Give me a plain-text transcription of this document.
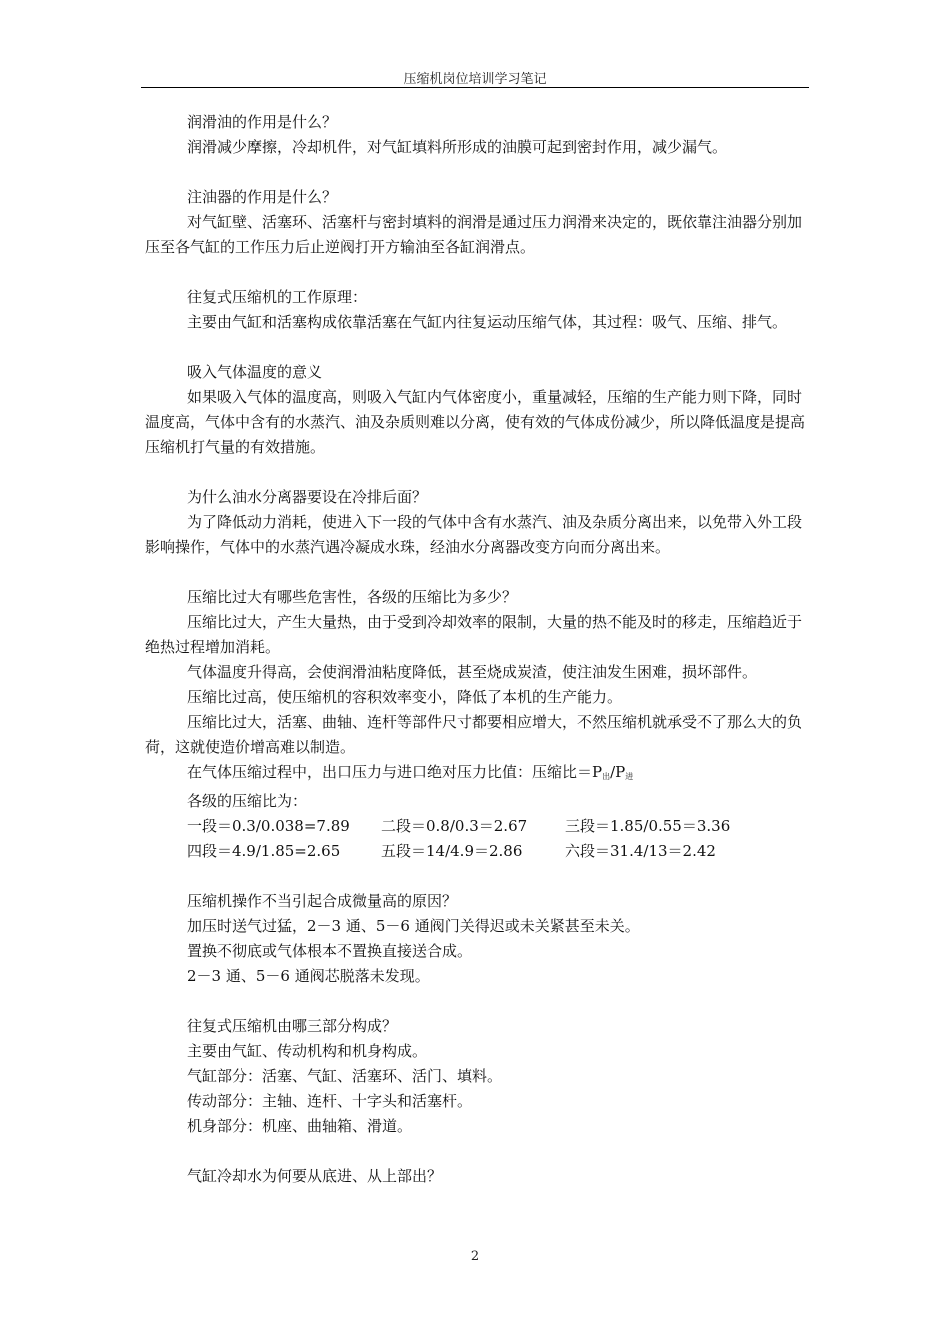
压缩机岗位培训学习笔记

润滑油的作用是什么？

润滑减少摩擦，冷却机件，对气缸填料所形成的油膜可起到密封作用，减少漏气。

注油器的作用是什么？

对气缸壁、活塞环、活塞杆与密封填料的润滑是通过压力润滑来决定的，既依靠注油器分别加压至各气缸的工作压力后止逆阀打开方输油至各缸润滑点。

往复式压缩机的工作原理：

主要由气缸和活塞构成依靠活塞在气缸内往复运动压缩气体，其过程：吸气、压缩、排气。

吸入气体温度的意义

如果吸入气体的温度高，则吸入气缸内气体密度小，重量减轻，压缩的生产能力则下降，同时温度高，气体中含有的水蒸汽、油及杂质则难以分离，使有效的气体成份减少，所以降低温度是提高压缩机打气量的有效措施。

为什么油水分离器要设在冷排后面？

为了降低动力消耗，使进入下一段的气体中含有水蒸汽、油及杂质分离出来，以免带入外工段影响操作，气体中的水蒸汽遇冷凝成水珠，经油水分离器改变方向而分离出来。

压缩比过大有哪些危害性，各级的压缩比为多少？

压缩比过大，产生大量热，由于受到冷却效率的限制，大量的热不能及时的移走，压缩趋近于绝热过程增加消耗。

气体温度升得高，会使润滑油粘度降低，甚至烧成炭渣，使注油发生困难，损坏部件。

压缩比过高，使压缩机的容积效率变小，降低了本机的生产能力。

压缩比过大，活塞、曲轴、连杆等部件尺寸都要相应增大，不然压缩机就承受不了那么大的负荷，这就使造价增高难以制造。

在气体压缩过程中，出口压力与进口绝对压力比值：压缩比$=P_出/P_进$

各级的压缩比为：

一段＝0.3/0.038=7.89	二段＝0.8/0.3＝2.67	三段＝1.85/0.55＝3.36
四段＝4.9/1.85=2.65	五段＝14/4.9＝2.86	六段＝31.4/13＝2.42

压缩机操作不当引起合成微量高的原因？

加压时送气过猛，2－3 通、5－6 通阀门关得迟或未关紧甚至未关。

置换不彻底或气体根本不置换直接送合成。

2－3 通、5－6 通阀芯脱落未发现。

往复式压缩机由哪三部分构成？

主要由气缸、传动机构和机身构成。

气缸部分：活塞、气缸、活塞环、活门、填料。

传动部分：主轴、连杆、十字头和活塞杆。

机身部分：机座、曲轴箱、滑道。

气缸冷却水为何要从底进、从上部出？

2
